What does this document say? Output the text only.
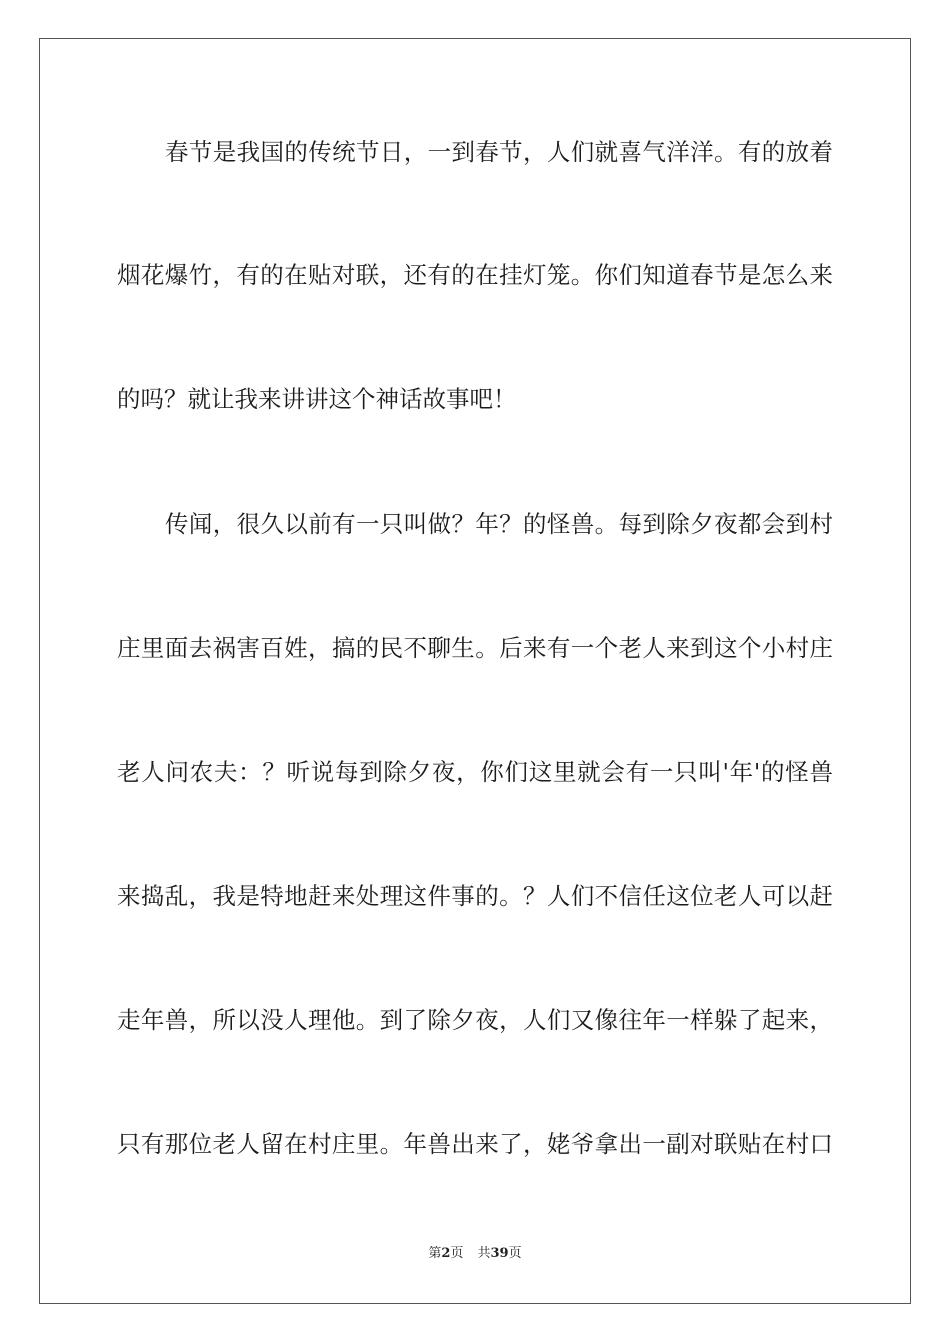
春节是我国的传统节日，一到春节，人们就喜气洋洋。有的放着
烟花爆竹，有的在贴对联，还有的在挂灯笼。你们知道春节是怎么来
的吗？就让我来讲讲这个神话故事吧！
传闻，很久以前有一只叫做？年？的怪兽。每到除夕夜都会到村
庄里面去祸害百姓，搞的民不聊生。后来有一个老人来到这个小村庄
老人问农夫：？听说每到除夕夜，你们这里就会有一只叫'年'的怪兽
来捣乱，我是特地赶来处理这件事的。？人们不信任这位老人可以赶
走年兽，所以没人理他。到了除夕夜，人们又像往年一样躲了起来，
只有那位老人留在村庄里。年兽出来了，姥爷拿出一副对联贴在村口
第2页 共39页
